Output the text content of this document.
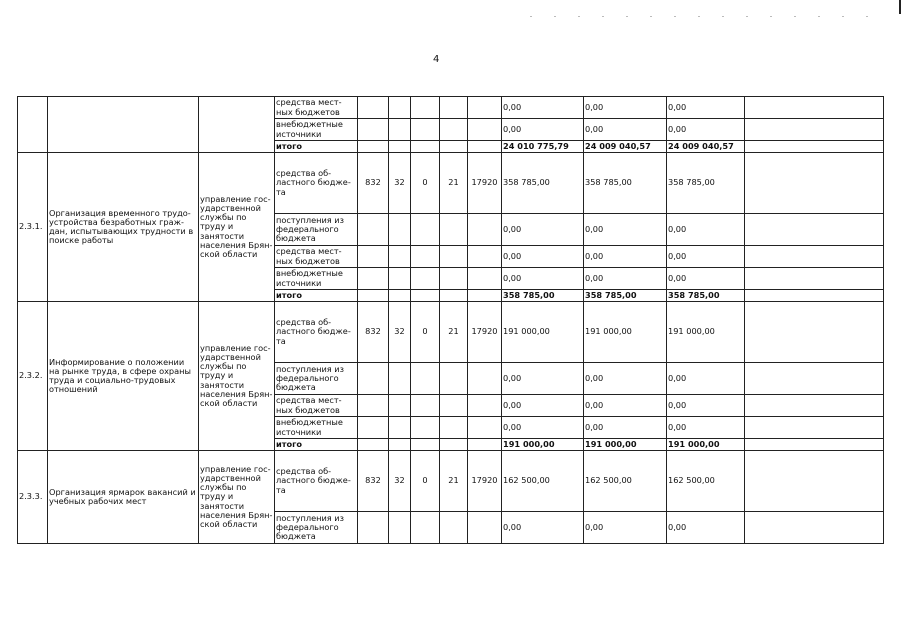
4
			средства мест-ных бюджетов						0,00	0,00	0,00	
			внебюджетные источники						0,00	0,00	0,00	
			итого						24 010 775,79	24 009 040,57	24 009 040,57	
2.3.1.	Организация временного трудо-устройства безработных граж-дан, испытывающих трудности в поиске работы	управление гос-ударственной службы по труду и занятости населения Брян-ской области	средства об-ластного бюдже-та	832	32	0	21	17920	358 785,00	358 785,00	358 785,00	
			поступления из федерального бюджета						0,00	0,00	0,00	
			средства мест-ных бюджетов						0,00	0,00	0,00	
			внебюджетные источники						0,00	0,00	0,00	
			итого						358 785,00	358 785,00	358 785,00	
2.3.2.	Информирование о положении на рынке труда, в сфере охраны труда и социально-трудовых отношений	управление гос-ударственной службы по труду и занятости населения Брян-ской области	средства об-ластного бюдже-та	832	32	0	21	17920	191 000,00	191 000,00	191 000,00	
			поступления из федерального бюджета						0,00	0,00	0,00	
			средства мест-ных бюджетов						0,00	0,00	0,00	
			внебюджетные источники						0,00	0,00	0,00	
			итого						191 000,00	191 000,00	191 000,00	
2.3.3.	Организация ярмарок вакансий и учебных рабочих мест	управление гос-ударственной службы по труду и занятости населения Брян-ской области	средства об-ластного бюдже-та	832	32	0	21	17920	162 500,00	162 500,00	162 500,00	
			поступления из федерального бюджета						0,00	0,00	0,00	
